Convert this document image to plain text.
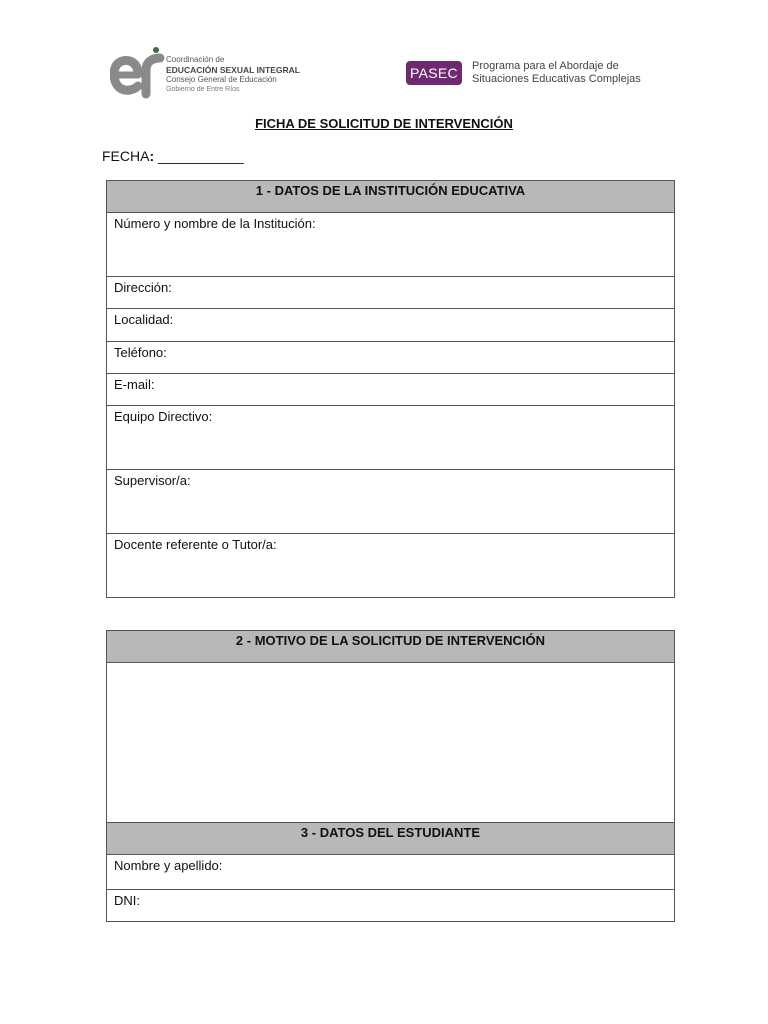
Coordinación de
EDUCACIÓN SEXUAL INTEGRAL
Consejo General de Educación
Gobierno de Entre Ríos
PASEC	Programa para el Abordaje de
Situaciones Educativas Complejas
FICHA DE SOLICITUD DE INTERVENCIÓN
FECHA: ___________
1 - DATOS DE LA INSTITUCIÓN EDUCATIVA
Número y nombre de la Institución:
Dirección:
Localidad:
Teléfono:
E-mail:
Equipo Directivo:
Supervisor/a:
Docente referente o Tutor/a:
2 - MOTIVO DE LA SOLICITUD DE INTERVENCIÓN

3 - DATOS DEL ESTUDIANTE
Nombre y apellido:
DNI:
